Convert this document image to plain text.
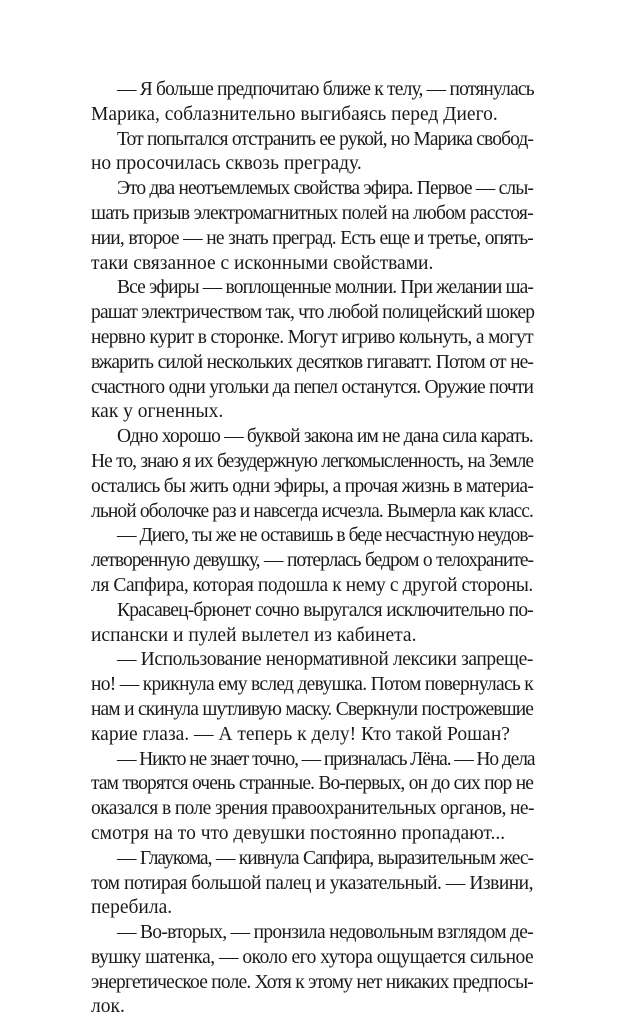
— Я больше предпочитаю ближе к телу, — потянулась
Марика, соблазнительно выгибаясь перед Диего.
Тот попытался отстранить ее рукой, но Марика свобод-
но просочилась сквозь преграду.
Это два неотъемлемых свойства эфира. Первое — слы-
шать призыв электромагнитных полей на любом расстоя-
нии, второе — не знать преград. Есть еще и третье, опять-
таки связанное с исконными свойствами.
Все эфиры — воплощенные молнии. При желании ша-
рашат электричеством так, что любой полицейский шокер
нервно курит в сторонке. Могут игриво кольнуть, а могут
вжарить силой нескольких десятков гигаватт. Потом от не-
счастного одни угольки да пепел останутся. Оружие почти
как у огненных.
Одно хорошо — буквой закона им не дана сила карать.
Не то, знаю я их безудержную легкомысленность, на Земле
остались бы жить одни эфиры, а прочая жизнь в материа-
льной оболочке раз и навсегда исчезла. Вымерла как класс.
— Диего, ты же не оставишь в беде несчастную неудов-
летворенную девушку, — потерлась бедром о телохраните-
ля Сапфира, которая подошла к нему с другой стороны.
Красавец-брюнет сочно выругался исключительно по-
испански и пулей вылетел из кабинета.
— Использование ненормативной лексики запреще-
но! — крикнула ему вслед девушка. Потом повернулась к
нам и скинула шутливую маску. Сверкнули построжевшие
карие глаза. — А теперь к делу! Кто такой Рошан?
— Никто не знает точно, — призналась Лёна. — Но дела
там творятся очень странные. Во-первых, он до сих пор не
оказался в поле зрения правоохранительных органов, не-
смотря на то что девушки постоянно пропадают...
— Глаукома, — кивнула Сапфира, выразительным жес-
том потирая большой палец и указательный. — Извини,
перебила.
— Во-вторых, — пронзила недовольным взглядом де-
вушку шатенка, — около его хутора ощущается сильное
энергетическое поле. Хотя к этому нет никаких предпосы-
лок.
